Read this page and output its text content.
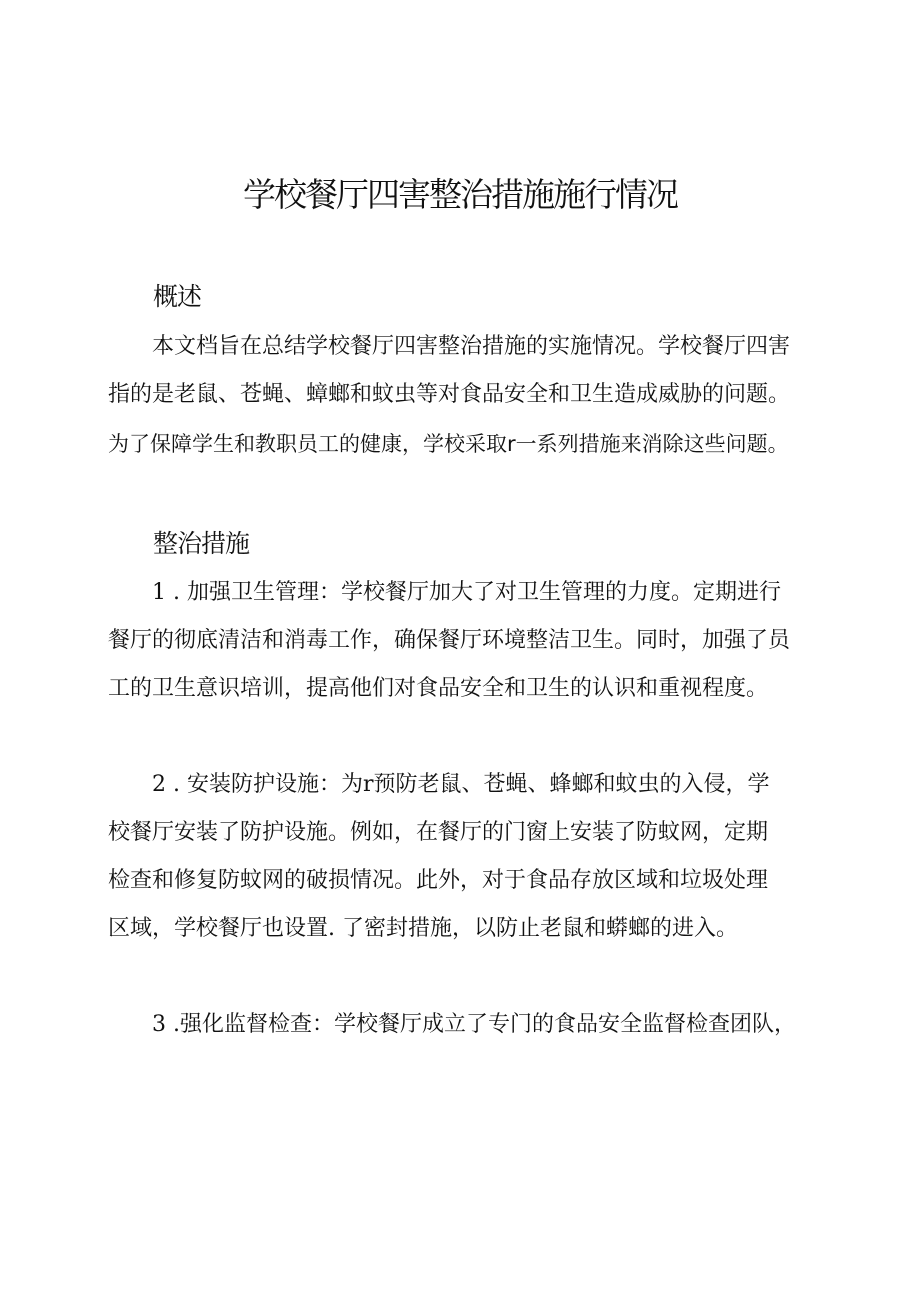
学校餐厅四害整治措施施行情况
概述
本文档旨在总结学校餐厅四害整治措施的实施情况。学校餐厅四害
指的是老鼠、苍蝇、蟑螂和蚊虫等对食品安全和卫生造成威胁的问题。
为了保障学生和教职员工的健康，学校采取r一系列措施来消除这些问题。
整治措施
1 . 加强卫生管理：学校餐厅加大了对卫生管理的力度。定期进行
餐厅的彻底清洁和消毒工作，确保餐厅环境整洁卫生。同时，加强了员
工的卫生意识培训，提高他们对食品安全和卫生的认识和重视程度。
2 . 安装防护设施：为r预防老鼠、苍蝇、蜂螂和蚊虫的入侵，学
校餐厅安装了防护设施。例如，在餐厅的门窗上安装了防蚊网，定期
检查和修复防蚊网的破损情况。此外，对于食品存放区域和垃圾处理
区域，学校餐厅也设置. 了密封措施，以防止老鼠和蟒螂的进入。
3 .强化监督检查：学校餐厅成立了专门的食品安全监督检查团队，
